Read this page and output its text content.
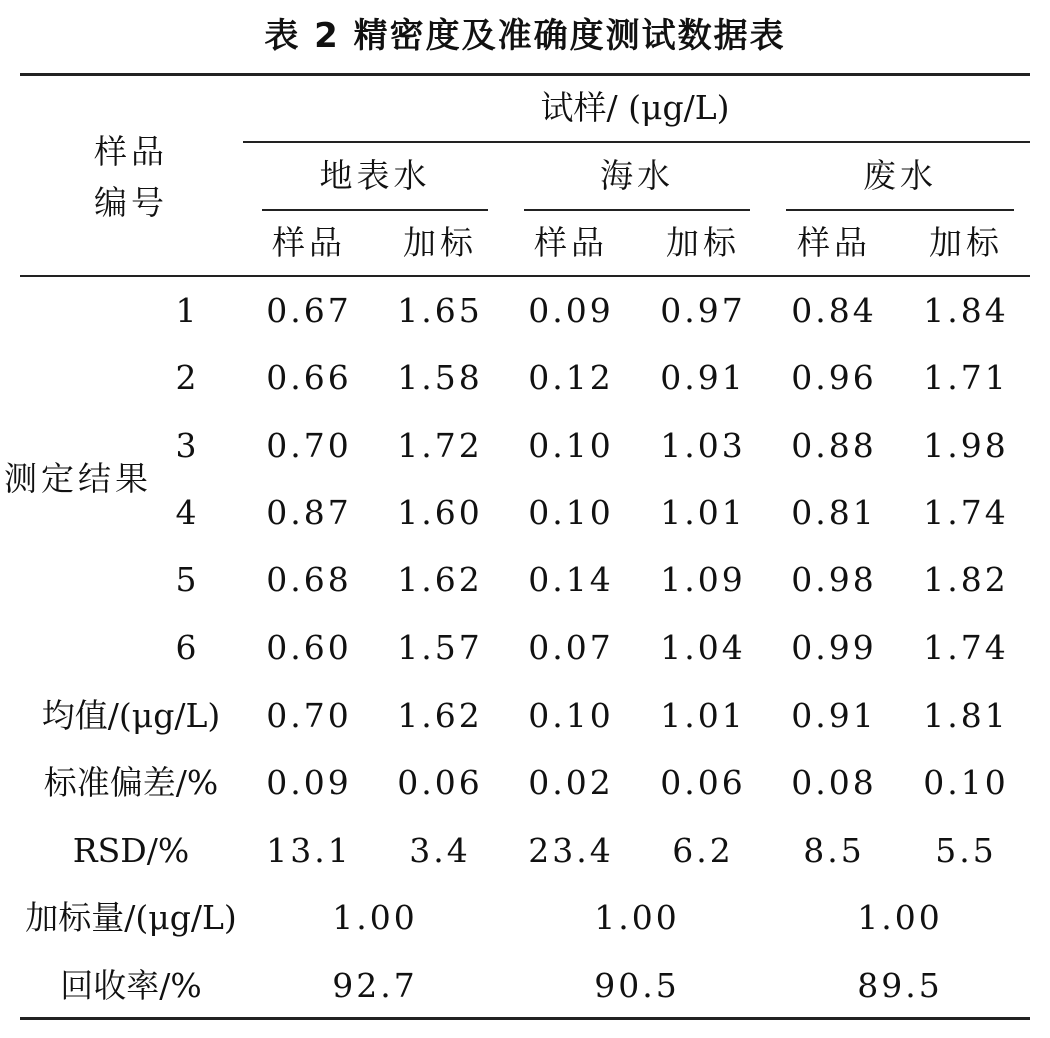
表 2 精密度及准确度测试数据表
样品
编号
试样/ (μg/L)
地表水	海水	废水
样品 加标 样品 加标 样品 加标
测定结果
1 0.67 1.65 0.09 0.97 0.84 1.84
2 0.66 1.58 0.12 0.91 0.96 1.71
3 0.70 1.72 0.10 1.03 0.88 1.98
4 0.87 1.60 0.10 1.01 0.81 1.74
5 0.68 1.62 0.14 1.09 0.98 1.82
6 0.60 1.57 0.07 1.04 0.99 1.74
均值/(μg/L) 0.70 1.62 0.10 1.01 0.91 1.81
标准偏差/% 0.09 0.06 0.02 0.06 0.08 0.10
RSD/% 13.1 3.4 23.4 6.2 8.5 5.5
加标量/(μg/L)	1.00	1.00	1.00
回收率/%	92.7	90.5	89.5
